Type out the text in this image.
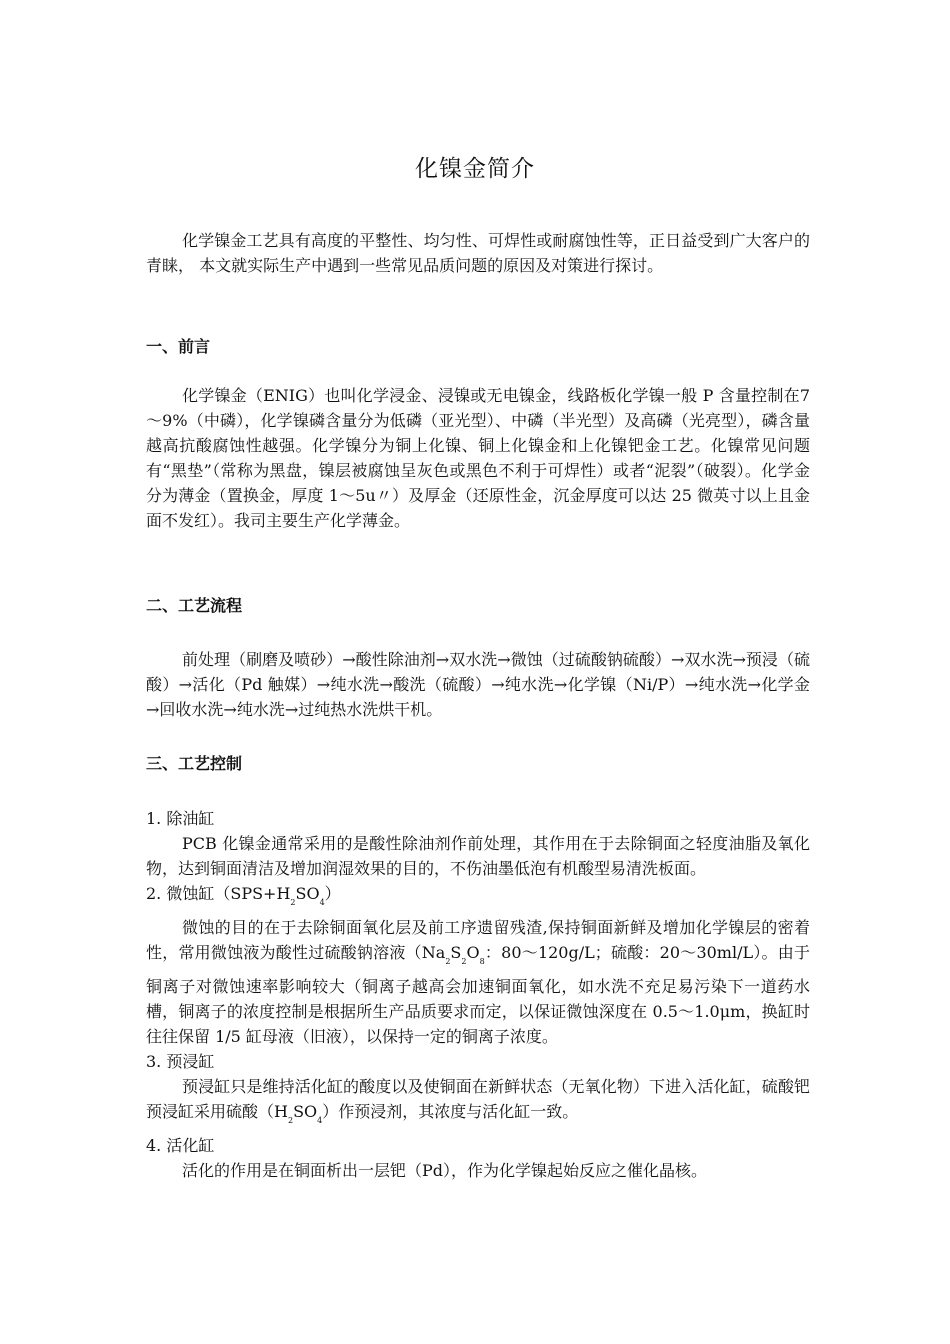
化镍金简介

化学镍金工艺具有高度的平整性、均匀性、可焊性或耐腐蚀性等，正日益受到广大客户的青睐， 本文就实际生产中遇到一些常见品质问题的原因及对策进行探讨。

一、前言

化学镍金（ENIG）也叫化学浸金、浸镍或无电镍金，线路板化学镍一般 P 含量控制在7～9%（中磷），化学镍磷含量分为低磷（亚光型）、中磷（半光型）及高磷（光亮型），磷含量越高抗酸腐蚀性越强。化学镍分为铜上化镍、铜上化镍金和上化镍钯金工艺。化镍常见问题有“黑垫”（常称为黑盘，镍层被腐蚀呈灰色或黑色不利于可焊性）或者“泥裂”（破裂）。化学金分为薄金（置换金，厚度 1～5u〃）及厚金（还原性金，沉金厚度可以达 25 微英寸以上且金面不发红）。我司主要生产化学薄金。

二、工艺流程

前处理（刷磨及喷砂）→酸性除油剂→双水洗→微蚀（过硫酸钠硫酸）→双水洗→预浸（硫酸）→活化（Pd 触媒）→纯水洗→酸洗（硫酸）→纯水洗→化学镍（Ni/P）→纯水洗→化学金→回收水洗→纯水洗→过纯热水洗烘干机。

三、工艺控制
1. 除油缸

PCB 化镍金通常采用的是酸性除油剂作前处理，其作用在于去除铜面之轻度油脂及氧化物，达到铜面清洁及增加润湿效果的目的，不伤油墨低泡有机酸型易清洗板面。

2. 微蚀缸$(SPS+H_2SO_4)$

微蚀的目的在于去除铜面氧化层及前工序遗留残渣,保持铜面新鲜及增加化学镍层的密着性，常用微蚀液为酸性过硫酸钠溶液（$Na_2S_2O_8$：80～120g/L；硫酸：20～30ml/L）。由于铜离子对微蚀速率影响较大（铜离子越高会加速铜面氧化，如水洗不充足易污染下一道药水槽，铜离子的浓度控制是根据所生产品质要求而定，以保证微蚀深度在 0.5～1.0μm，换缸时往往保留 1/5 缸母液（旧液），以保持一定的铜离子浓度。

3. 预浸缸

预浸缸只是维持活化缸的酸度以及使铜面在新鲜状态（无氧化物）下进入活化缸，硫酸钯预浸缸采用硫酸$(H_2SO_4)$作预浸剂，其浓度与活化缸一致。

4. 活化缸

活化的作用是在铜面析出一层钯（Pd），作为化学镍起始反应之催化晶核。
